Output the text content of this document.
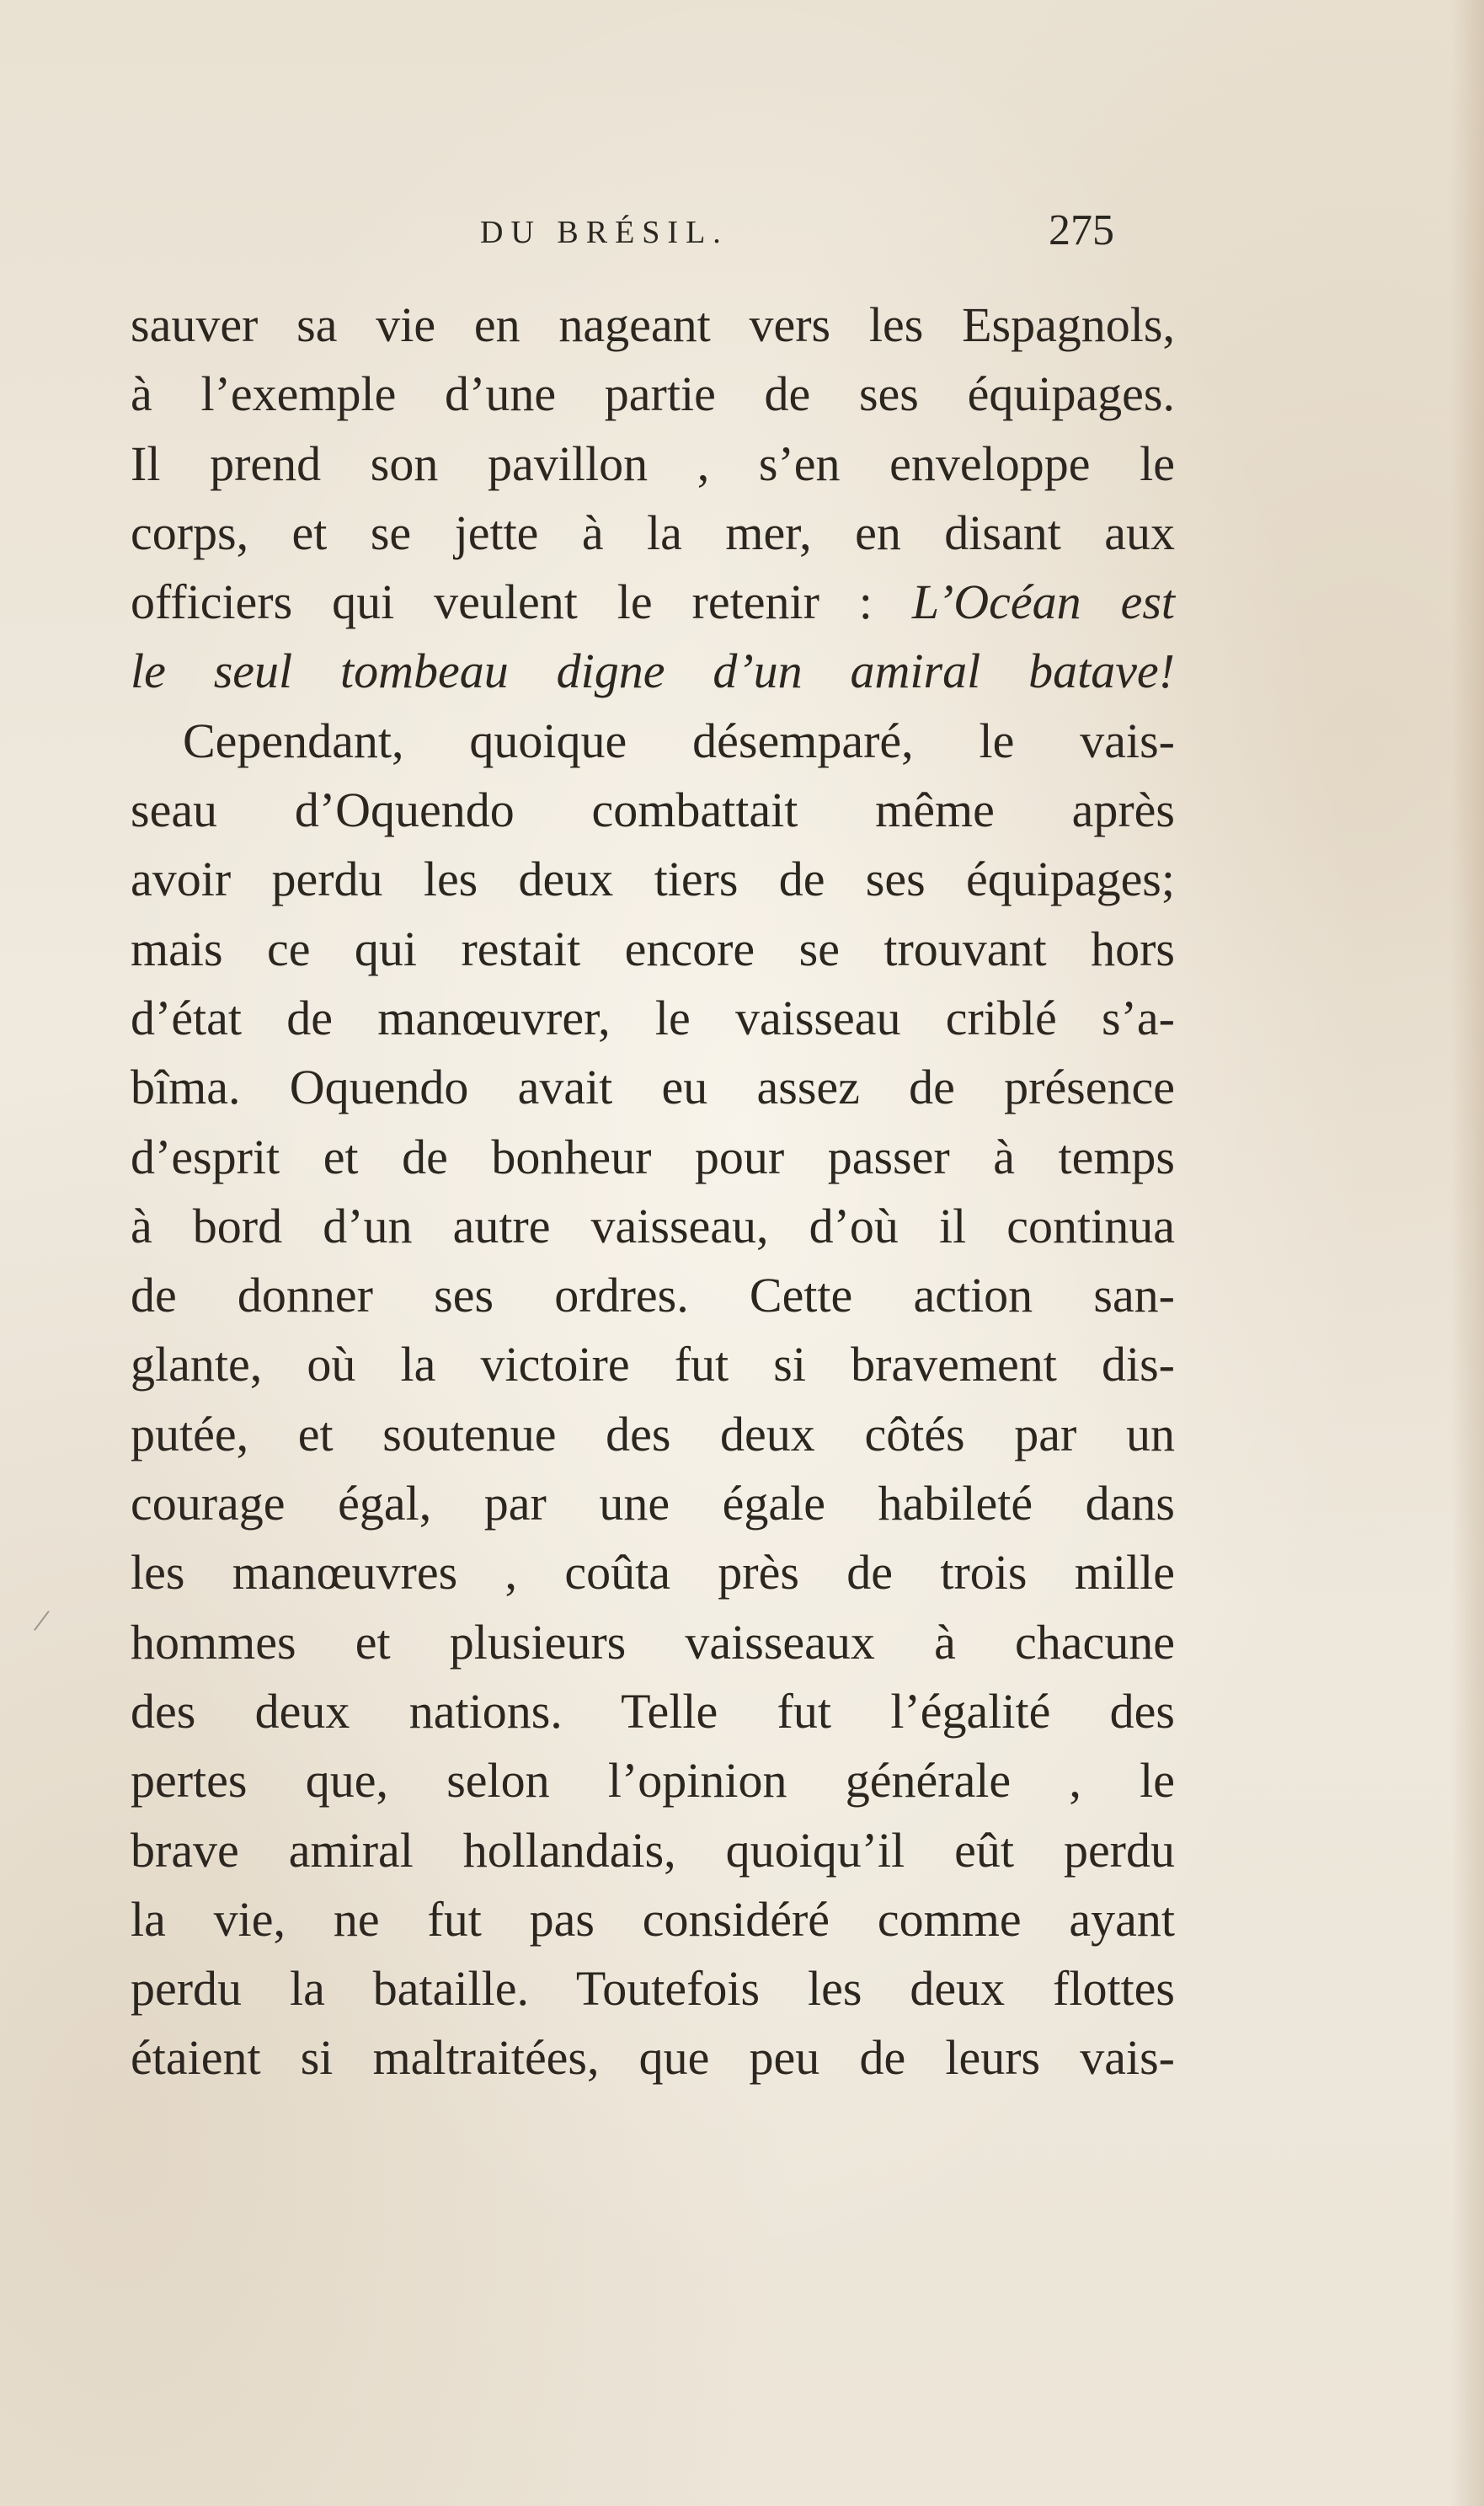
DU BRÉSIL.	275
sauver sa vie en nageant vers les Espagnols,
à l’exemple d’une partie de ses équipages.
Il prend son pavillon , s’en enveloppe le
corps, et se jette à la mer, en disant aux
officiers qui veulent le retenir : L’Océan est
le seul tombeau digne d’un amiral batave!
Cependant, quoique désemparé, le vais-
seau d’Oquendo combattait même après
avoir perdu les deux tiers de ses équipages;
mais ce qui restait encore se trouvant hors
d’état de manœuvrer, le vaisseau criblé s’a-
bîma. Oquendo avait eu assez de présence
d’esprit et de bonheur pour passer à temps
à bord d’un autre vaisseau, d’où il continua
de donner ses ordres. Cette action san-
glante, où la victoire fut si bravement dis-
putée, et soutenue des deux côtés par un
courage égal, par une égale habileté dans
les manœuvres , coûta près de trois mille
hommes et plusieurs vaisseaux à chacune
des deux nations. Telle fut l’égalité des
pertes que, selon l’opinion générale , le
brave amiral hollandais, quoiqu’il eût perdu
la vie, ne fut pas considéré comme ayant
perdu la bataille. Toutefois les deux flottes
étaient si maltraitées, que peu de leurs vais-
/
